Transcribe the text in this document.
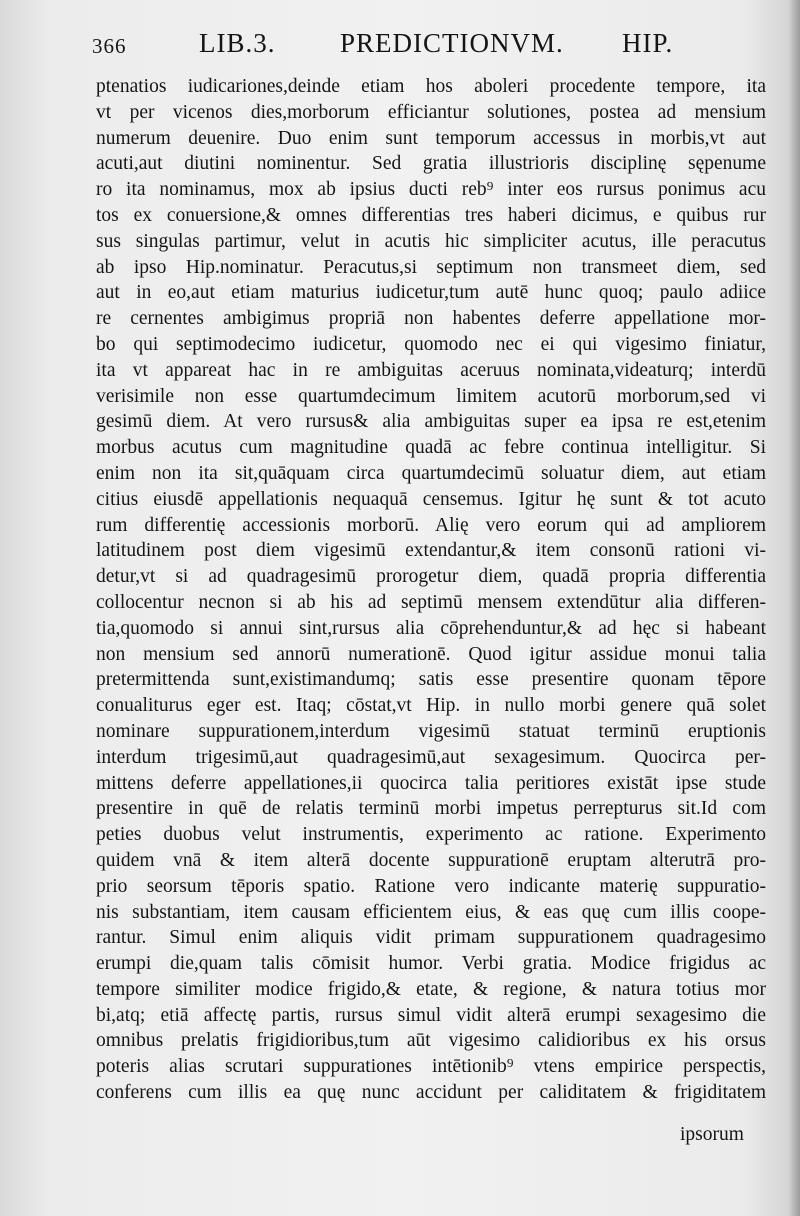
366	LIB.3. PREDICTIONVM. HIP.
ptenatios iudicariones,deinde etiam hos aboleri procedente tempore, ita
vt per vicenos dies,morborum efficiantur solutiones, postea ad mensium
numerum deuenire. Duo enim sunt temporum accessus in morbis,vt aut
acuti,aut diutini nominentur. Sed gratia illustrioris disciplinę sępenume
ro ita nominamus, mox ab ipsius ducti reb⁹ inter eos rursus ponimus acu
tos ex conuersione,& omnes differentias tres haberi dicimus, e quibus rur
sus singulas partimur, velut in acutis hic simpliciter acutus, ille peracutus
ab ipso Hip.nominatur. Peracutus,si septimum non transmeet diem, sed
aut in eo,aut etiam maturius iudicetur,tum autē hunc quoq; paulo adiice
re cernentes ambigimus propriā non habentes deferre appellatione mor-
bo qui septimodecimo iudicetur, quomodo nec ei qui vigesimo finiatur,
ita vt appareat hac in re ambiguitas aceruus nominata,videaturq; interdū
verisimile non esse quartumdecimum limitem acutorū morborum,sed vi
gesimū diem. At vero rursus& alia ambiguitas super ea ipsa re est,etenim
morbus acutus cum magnitudine quadā ac febre continua intelligitur. Si
enim non ita sit,quāquam circa quartumdecimū soluatur diem, aut etiam
citius eiusdē appellationis nequaquā censemus. Igitur hę sunt & tot acuto
rum differentię accessionis morborū. Alię vero eorum qui ad ampliorem
latitudinem post diem vigesimū extendantur,& item consonū rationi vi-
detur,vt si ad quadragesimū prorogetur diem, quadā propria differentia
collocentur necnon si ab his ad septimū mensem extendūtur alia differen-
tia,quomodo si annui sint,rursus alia cōprehenduntur,& ad hęc si habeant
non mensium sed annorū numerationē. Quod igitur assidue monui talia
pretermittenda sunt,existimandumq; satis esse presentire quonam tēpore
conualiturus eger est. Itaq; cōstat,vt Hip. in nullo morbi genere quā solet
nominare suppurationem,interdum vigesimū statuat terminū eruptionis
interdum trigesimū,aut quadragesimū,aut sexagesimum. Quocirca per-
mittens deferre appellationes,ii quocirca talia peritiores existāt ipse stude
presentire in quē de relatis terminū morbi impetus perrepturus sit.Id com
peties duobus velut instrumentis, experimento ac ratione. Experimento
quidem vnā & item alterā docente suppurationē eruptam alterutrā pro-
prio seorsum tēporis spatio. Ratione vero indicante materię suppuratio-
nis substantiam, item causam efficientem eius, & eas quę cum illis coope-
rantur. Simul enim aliquis vidit primam suppurationem quadragesimo
erumpi die,quam talis cōmisit humor. Verbi gratia. Modice frigidus ac
tempore similiter modice frigido,& etate, & regione, & natura totius mor
bi,atq; etiā affectę partis, rursus simul vidit alterā erumpi sexagesimo die
omnibus prelatis frigidioribus,tum aūt vigesimo calidioribus ex his orsus
poteris alias scrutari suppurationes intētionib⁹ vtens empirice perspectis,
conferens cum illis ea quę nunc accidunt per caliditatem & frigiditatem
ipsorum
